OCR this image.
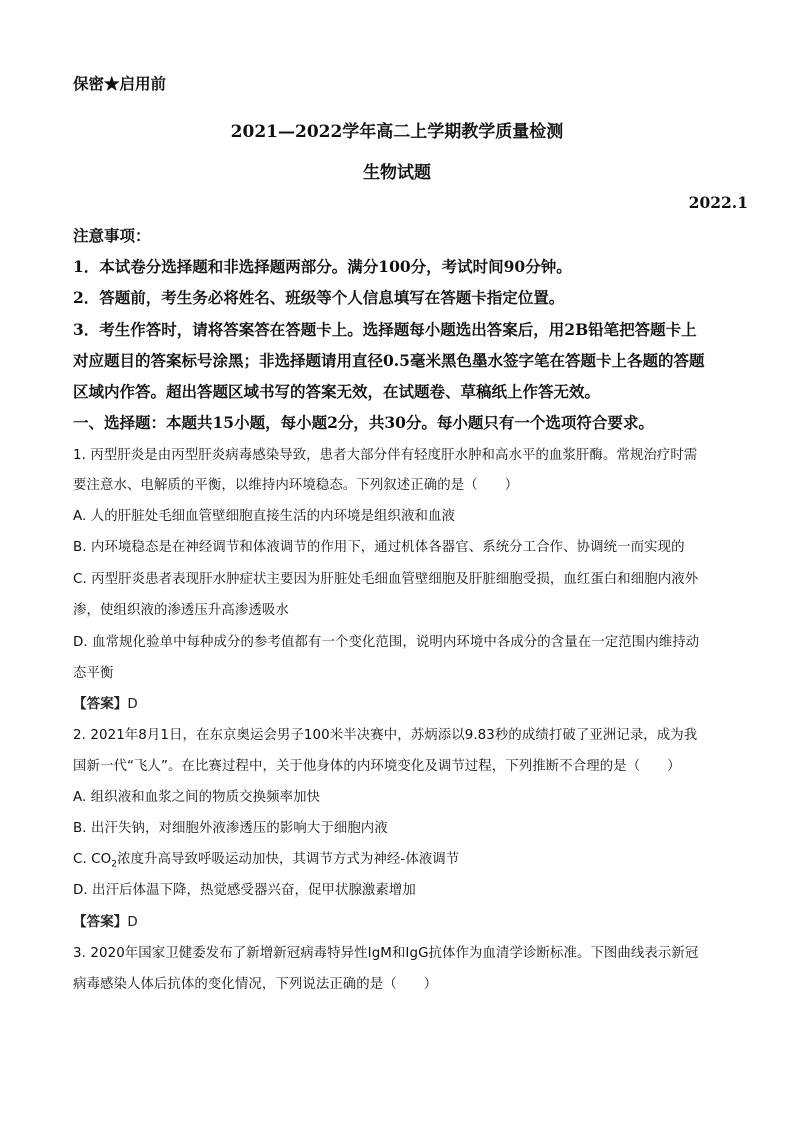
保密★启用前
2021—2022学年高二上学期教学质量检测
生物试题
2022.1
注意事项：
1．本试卷分选择题和非选择题两部分。满分100分，考试时间90分钟。
2．答题前，考生务必将姓名、班级等个人信息填写在答题卡指定位置。
3．考生作答时，请将答案答在答题卡上。选择题每小题选出答案后，用2B铅笔把答题卡上
对应题目的答案标号涂黑；非选择题请用直径0.5毫米黑色墨水签字笔在答题卡上各题的答题
区域内作答。超出答题区域书写的答案无效，在试题卷、草稿纸上作答无效。
一、选择题：本题共15小题，每小题2分，共30分。每小题只有一个选项符合要求。
1. 丙型肝炎是由丙型肝炎病毒感染导致，患者大部分伴有轻度肝水肿和高水平的血浆肝酶。常规治疗时需
要注意水、电解质的平衡，以维持内环境稳态。下列叙述正确的是（　　）
A. 人的肝脏处毛细血管壁细胞直接生活的内环境是组织液和血液
B. 内环境稳态是在神经调节和体液调节的作用下，通过机体各器官、系统分工合作、协调统一而实现的
C. 丙型肝炎患者表现肝水肿症状主要因为肝脏处毛细血管壁细胞及肝脏细胞受损，血红蛋白和细胞内液外
渗，使组织液的渗透压升高渗透吸水
D. 血常规化验单中每种成分的参考值都有一个变化范围，说明内环境中各成分的含量在一定范围内维持动
态平衡
【答案】D
2. 2021年8月1日，在东京奥运会男子100米半决赛中，苏炳添以9.83秒的成绩打破了亚洲记录，成为我
国新一代“飞人”。在比赛过程中，关于他身体的内环境变化及调节过程，下列推断不合理的是（　　）
A. 组织液和血浆之间的物质交换频率加快
B. 出汗失钠，对细胞外液渗透压的影响大于细胞内液
C. $CO_2$浓度升高导致呼吸运动加快，其调节方式为神经-体液调节
D. 出汗后体温下降，热觉感受器兴奋，促甲状腺激素增加
【答案】D
3. 2020年国家卫健委发布了新增新冠病毒特异性IgM和IgG抗体作为血清学诊断标准。下图曲线表示新冠
病毒感染人体后抗体的变化情况，下列说法正确的是（　　）
